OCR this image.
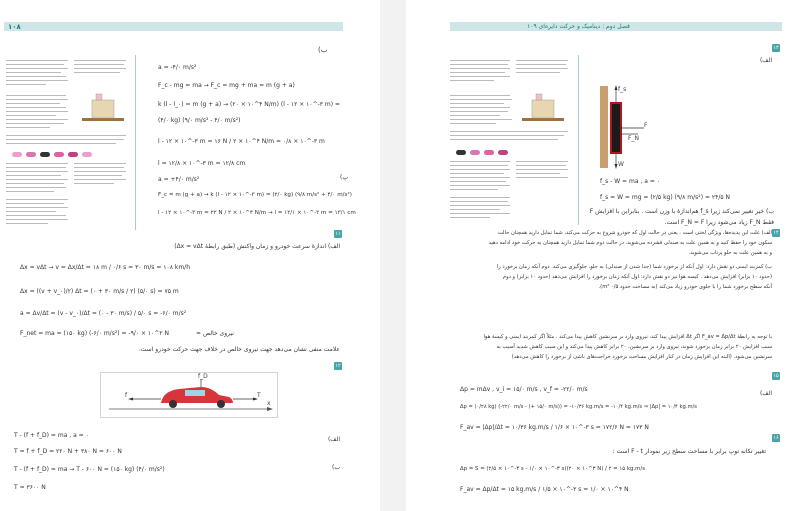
۱۰۸
ب)
a = -۴/۰ m/s²
F_c - mg = ma → F_c = mg + ma = m (g + a)
k (l - l_۰) = m (g + a) → (۲۰ × ۱۰^۴ N/m) (l - ۱۲ × ۱۰^-۳ m) =
(۴/۰ kg) (۹/۰ m/s² - ۴/۰ m/s²)
l - ۱۲ × ۱۰^-۳ m = ۱۶ N / ۲ × ۱۰^۴ N/m = ۰/۸ × ۱۰^-۳ m
l = ۱۲/۸ × ۱۰^-۳ m = ۱۲/۸ cm
پ)
a = +۴/۰ m/s²
F_c = m (g + a) → k (l - ۱۲ × ۱۰^-۳ m) = (۲/۰ kg) (۹/۸ m/s² + ۴/۰ m/s²)
l - ۱۲ × ۱۰^-۳ m = ۲۲ N / ۲ × ۱۰^۴ N/m → l = ۱۳/۱ × ۱۰^-۳ m = ۱۳/۱ cm
۱۱
الف) اندازهٔ سرعت خودرو و زمان واکنش (طبق رابطهٔ Δx = vΔt)
Δx = vΔt → v = Δx/Δt = ۱۸ m / ۰/۶ s = ۳۰ m/s = ۱۰۸ km/h
Δx = ((v + v_۰)/۲) Δt = (۰ + ۳۰ m/s / ۲) (۵/۰ s) = ۷۵ m
a = Δv/Δt = (v - v_۰)/Δt = (۰ - ۳۰ m/s) / ۵/۰ s = -۶/۰ m/s²
F_net = ma = (۱۵۰ kg) (-۶/۰ m/s²) = -۹/۰ × ۱۰^۲ N	= نیروی خالص
علامت منفی نشان می‌دهد جهت نیروی خالص در خلاف جهت حرکت خودرو است.
۱۲
f_D
f	T
x
T - (f + f_D) = ma , a = ۰
الف)
T = f + f_D = ۲۲۰ N + ۳۸۰ N = ۶۰۰ N
ب)
T - (f + f_D) = ma → T - ۶۰۰ N = (۱۵۰ kg) (۴/۰ m/s²)
T = ۳۶۰۰ N
فصل دوم : دینامیک و حرکت دایره‌ای ۱۰۹
۱۳
الف)
f_s
F
F_N
W
f_s - W = ma , a = ۰
f_s = W = mg = (۲/۵ kg) (۹/۸ m/s²) = ۲۴/۵ N
ب) خیر تغییر نمی‌کند زیرا f_s هم‌اندازهٔ با وزن است . بنابراین با افزایش F
فقط F_N زیاد می‌شود زیرا F_N = F است.
۱۴
الف) علت این پدیده‌ها، ویژگی لختی است . یعنی در حالت اول که خودرو شروع به حرکت می‌کند، شما تمایل دارید همچنان حالت
سکون خود را حفظ کنید و به همین علت به صندلی فشرده می‌شوید. در حالت دوم شما تمایل دارید همچنان به حرکت خود ادامه دهید
و به همین علت به جلو پرتاب می‌شوید.
ب) کمربند ایمنی دو نقش دارد: اول آنکه از برخورد شما (جدا شدن از صندلی) به جلو، جلوگیری می‌کند. دوم آنکه زمان برخورد را
(حدود ۱۰ برابر) افزایش می‌دهد . کیسه هوا نیز دو نقش دارد: اول آنکه زمان برخورد را افزایش می‌دهد (حدود ۱۰ برابر) و دوم
آنکه سطح برخورد شما را با جلوی خودرو زیاد می‌کند (به مساحت حدود ۰/۵ m²).
با توجه به رابطهٔ F_av = Δp/Δt اگر Δt افزایش پیدا کند، نیروی وارد بر سرنشین کاهش پیدا می‌کند . مثلاً اگر کمربند ایمنی و کیسهٔ هوا
سبب افزایش ۲۰ برابر زمان برخورد شوند، نیروی وارد بر سرنشین، ۲۰ برابر کاهش پیدا می‌کند و این سبب کاهش شدید آسیب به
سرنشین می‌شود. (البته این افزایش زمان در کنار افزایش مساحت برخورد جراحت‌های ناشی از برخورد را کاهش می‌دهد)
۱۵
الف)
Δp = mΔv , v_i = ۱۵/۰ m/s , v_f = -۲۲/۰ m/s
Δp = (۰/۲۸ kg) (-۲۲/۰ m/s - (+ ۱۵/۰ m/s)) = -۱۰/۳۶ kg.m/s = -۱۰/۴ kg.m/s ⇒ |Δp| = ۱۰/۴ kg.m/s
F_av = |Δp|/Δt = ۱۰/۳۶ kg.m/s / ۱/۶ × ۱۰^-۳ s = ۱۷۲/۶ N = ۱۷۳ N
۱۶
تغییر تکانه توپ برابر با مساحت سطح زیر نمودار F - t است :
Δp = S = (۲/۵ × ۱۰^-۳ s - ۱/۰ × ۱۰^-۳ s)(۲۰ × ۱۰^۳ N) / ۲ = ۱۵ kg.m/s
F_av = Δp/Δt = ۱۵ kg.m/s / ۱/۵ × ۱۰^-۳ s = ۱/۰ × ۱۰^۴ N
